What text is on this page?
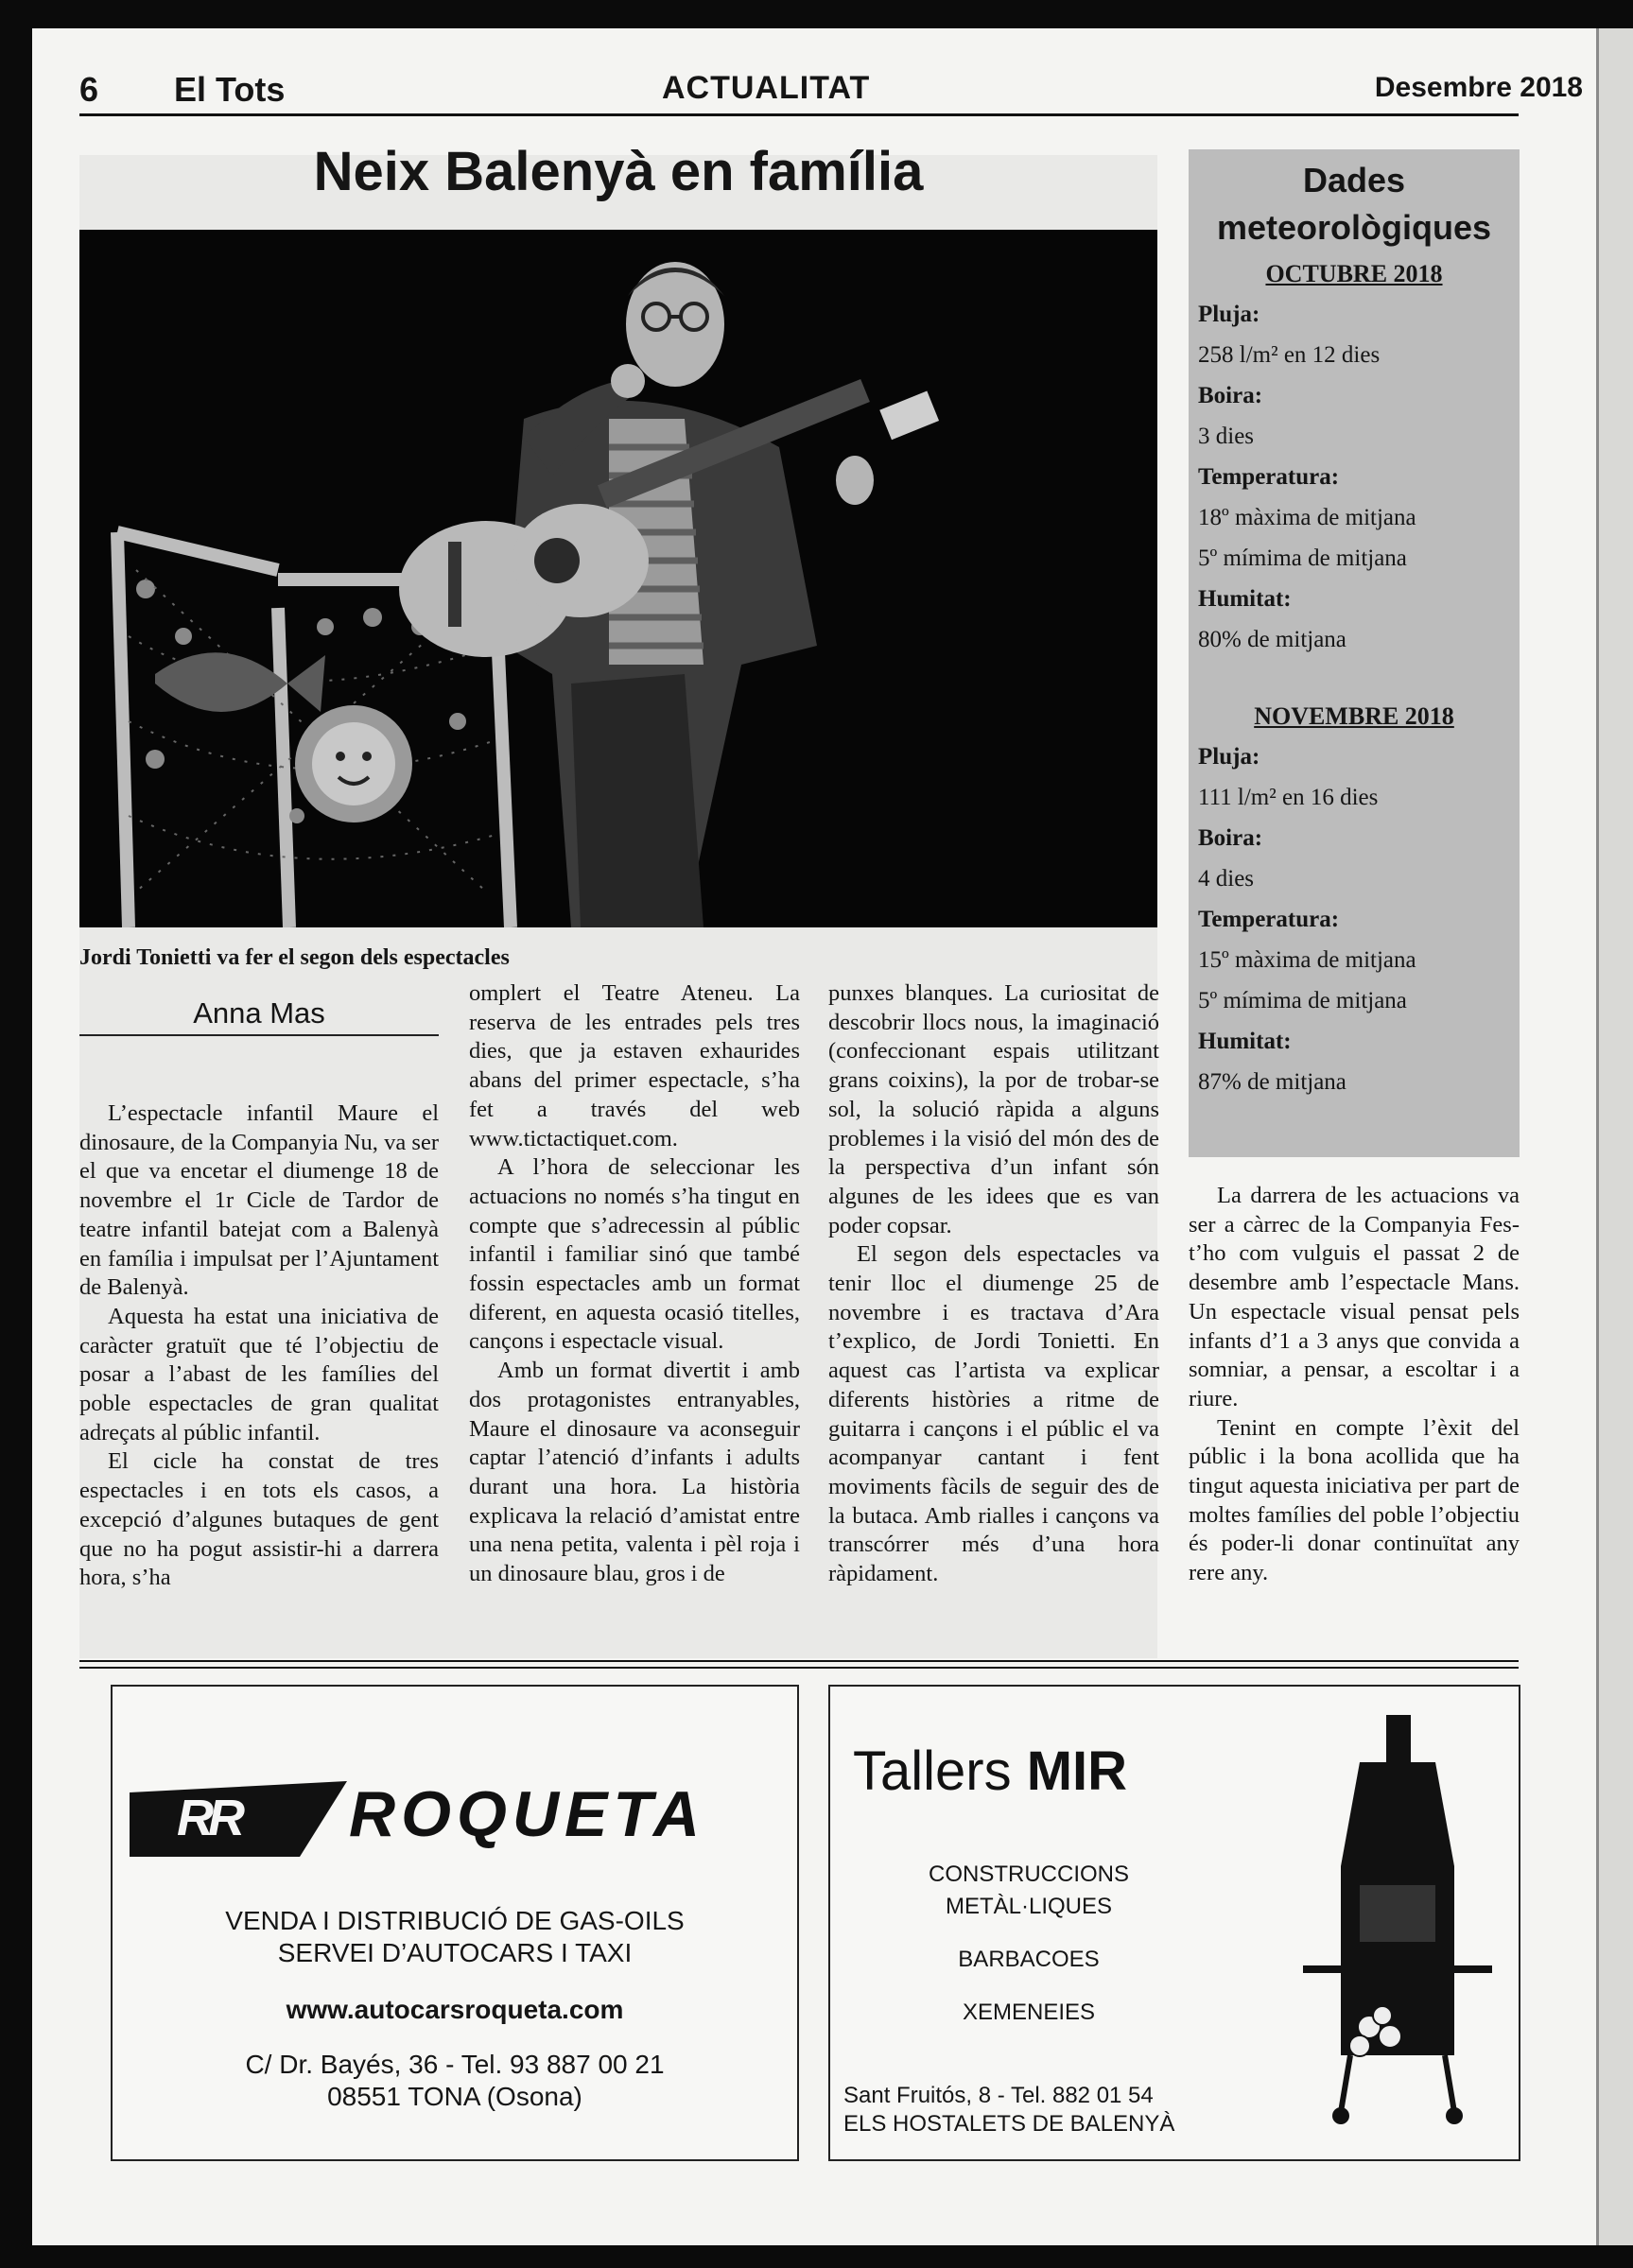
6 El Tots	ACTUALITAT	Desembre 2018
Neix Balenyà en família
Jordi Tonietti va fer el segon dels espectacles
Dades
meteorològiques
OCTUBRE 2018
Pluja:
258 l/m² en 12 dies
Boira:
3 dies
Temperatura:
18º màxima de mitjana
5º mímima de mitjana
Humitat:
80% de mitjana
NOVEMBRE 2018
Pluja:
111 l/m² en 16 dies
Boira:
4 dies
Temperatura:
15º màxima de mitjana
5º mímima de mitjana
Humitat:
87% de mitjana
Anna Mas

L’espectacle infantil Maure el dinosaure, de la Companyia Nu, va ser el que va encetar el diumenge 18 de novembre el 1r Cicle de Tardor de teatre infantil batejat com a Balenyà en família i impulsat per l’Ajuntament de Balenyà.

Aquesta ha estat una iniciativa de caràcter gratuït que té l’objectiu de posar a l’abast de les famílies del poble espectacles de gran qualitat adreçats al públic infantil.

El cicle ha constat de tres espectacles i en tots els casos, a excepció d’algunes butaques de gent que no ha pogut assistir-hi a darrera hora, s’ha

omplert el Teatre Ateneu. La reserva de les entrades pels tres dies, que ja estaven exhaurides abans del primer espectacle, s’ha fet a través del web www.tictactiquet.com.

A l’hora de seleccionar les actuacions no només s’ha tingut en compte que s’adrecessin al públic infantil i familiar sinó que també fossin espectacles amb un format diferent, en aquesta ocasió titelles, cançons i espectacle visual.

Amb un format divertit i amb dos protagonistes entranyables, Maure el dinosaure va aconseguir captar l’atenció d’infants i adults durant una hora. La història explicava la relació d’amistat entre una nena petita, valenta i pèl roja i un dinosaure blau, gros i de

punxes blanques. La curiositat de descobrir llocs nous, la imaginació (confeccionant espais utilitzant grans coixins), la por de trobar-se sol, la solució ràpida a alguns problemes i la visió del món des de la perspectiva d’un infant són algunes de les idees que es van poder copsar.

El segon dels espectacles va tenir lloc el diumenge 25 de novembre i es tractava d’Ara t’explico, de Jordi Tonietti. En aquest cas l’artista va explicar diferents històries a ritme de guitarra i cançons i el públic el va acompanyar cantant i fent moviments fàcils de seguir des de la butaca. Amb rialles i cançons va transcórrer més d’una hora ràpidament.

La darrera de les actuacions va ser a càrrec de la Companyia Fes-t’ho com vulguis el passat 2 de desembre amb l’espectacle Mans. Un espectacle visual pensat pels infants d’1 a 3 anys que convida a somniar, a pensar, a escoltar i a riure.

Tenint en compte l’èxit del públic i la bona acollida que ha tingut aquesta iniciativa per part de moltes famílies del poble l’objectiu és poder-li donar continuïtat any rere any.

RR ROQUETA
VENDA I DISTRIBUCIÓ DE GAS-OILS
SERVEI D’AUTOCARS I TAXI
www.autocarsroqueta.com
C/ Dr. Bayés, 36 - Tel. 93 887 00 21
08551 TONA (Osona)
Tallers MIR
CONSTRUCCIONS
METÀL·LIQUES
BARBACOES
XEMENEIES
Sant Fruitós, 8 - Tel. 882 01 54
ELS HOSTALETS DE BALENYÀ
